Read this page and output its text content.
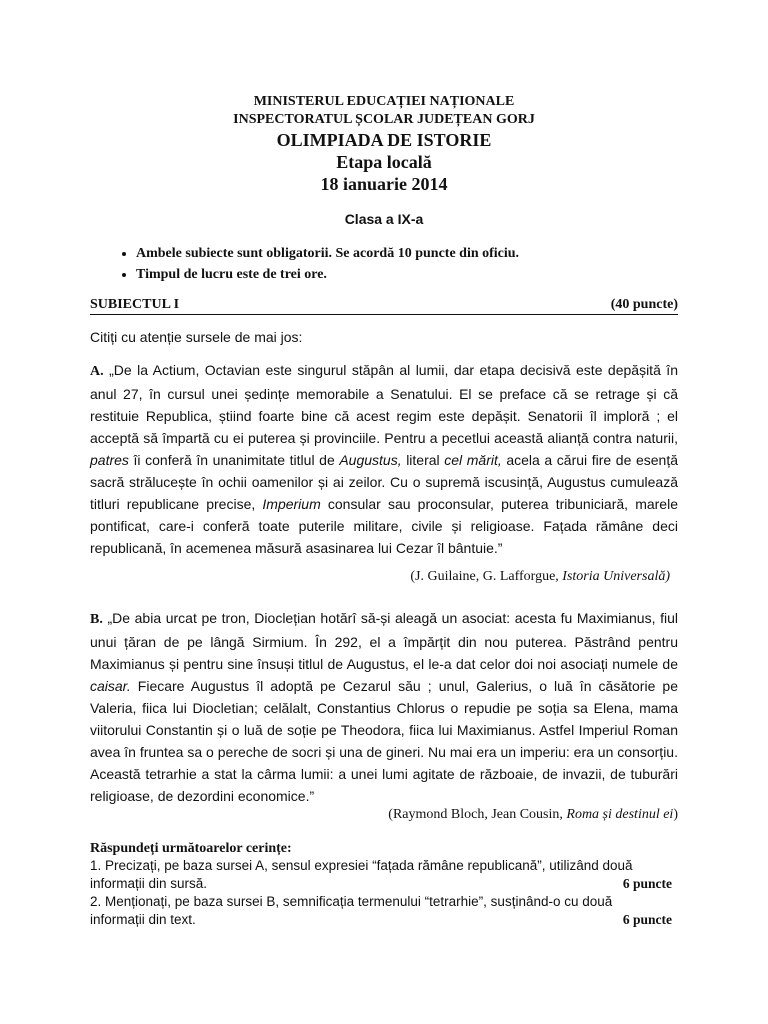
MINISTERUL EDUCAȚIEI NAȚIONALE
INSPECTORATUL ȘCOLAR JUDEȚEAN GORJ
OLIMPIADA DE ISTORIE
Etapa locală
18 ianuarie 2014
Clasa a IX-a
• Ambele subiecte sunt obligatorii. Se acordă 10 puncte din oficiu.
• Timpul de lucru este de trei ore.
SUBIECTUL I	(40 puncte)
Citiți cu atenție sursele de mai jos:
A. „De la Actium, Octavian este singurul stăpân al lumii, dar etapa decisivă este depășită în anul 27, în cursul unei ședințe memorabile a Senatului. El se preface că se retrage și că restituie Republica, știind foarte bine că acest regim este depășit. Senatorii îl imploră ; el acceptă să împartă cu ei puterea și provinciile. Pentru a pecetlui această alianță contra naturii, patres îi conferă în unanimitate titlul de Augustus, literal cel mărit, acela a cărui fire de esență sacră strălucește în ochii oamenilor și ai zeilor. Cu o supremă iscusință, Augustus cumulează titluri republicane precise, Imperium consular sau proconsular, puterea tribuniciară, marele pontificat, care-i conferă toate puterile militare, civile și religioase. Fațada rămâne deci republicană, în acemenea măsură asasinarea lui Cezar îl bântuie.”
(J. Guilaine, G. Lafforgue, Istoria Universală)
B. „De abia urcat pe tron, Dioclețian hotărî să-și aleagă un asociat: acesta fu Maximianus, fiul unui țăran de pe lângă Sirmium. În 292, el a împărțit din nou puterea. Păstrând pentru Maximianus și pentru sine însuși titlul de Augustus, el le-a dat celor doi noi asociați numele de caisar. Fiecare Augustus îl adoptă pe Cezarul său ; unul, Galerius, o luă în căsătorie pe Valeria, fiica lui Diocletian; celălalt, Constantius Chlorus o repudie pe soția sa Elena, mama viitorului Constantin și o luă de soție pe Theodora, fiica lui Maximianus. Astfel Imperiul Roman avea în fruntea sa o pereche de socri și una de gineri. Nu mai era un imperiu: era un consorțiu. Această tetrarhie a stat la cârma lumii: a unei lumi agitate de războaie, de invazii, de tuburări religioase, de dezordini economice.”
(Raymond Bloch, Jean Cousin, Roma și destinul ei)
Răspundeți următoarelor cerințe:
1. Precizați, pe baza sursei A, sensul expresiei “fațada rămâne republicană”, utilizând două
informații din sursă.	6 puncte
2. Menționați, pe baza sursei B, semnificația termenului “tetrarhie”, susținând-o cu două
informații din text.	6 puncte
